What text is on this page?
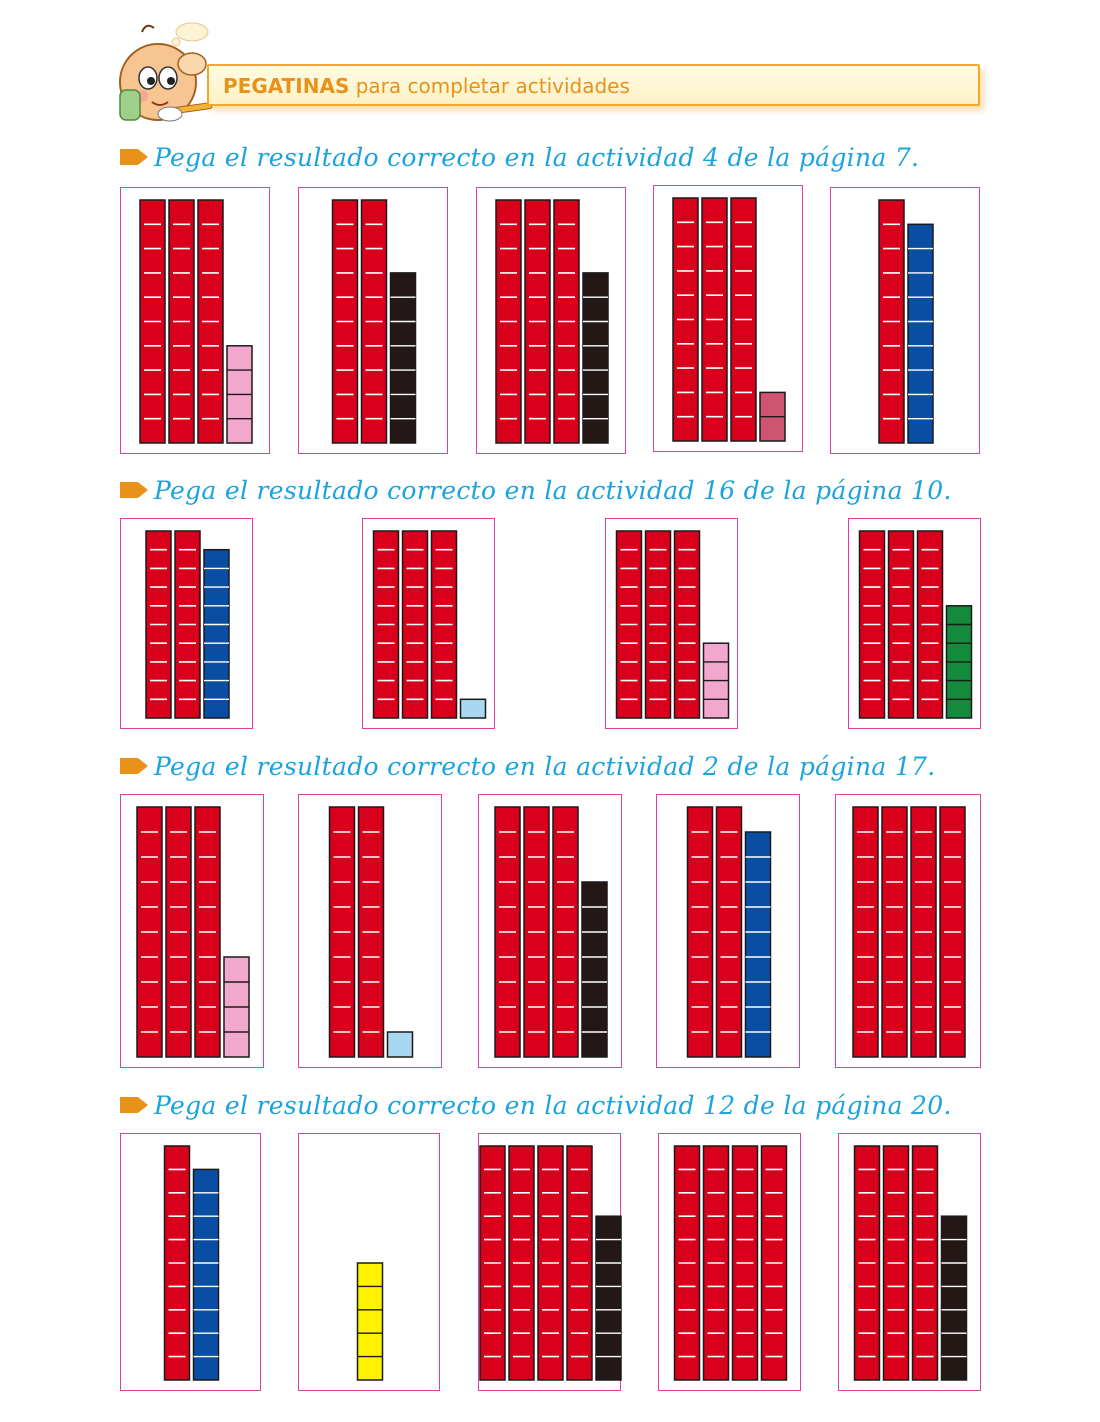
PEGATINAS para completar actividades
Pega el resultado correcto en la actividad 4 de la página 7.
Pega el resultado correcto en la actividad 16 de la página 10.
Pega el resultado correcto en la actividad 2 de la página 17.
Pega el resultado correcto en la actividad 12 de la página 20.
